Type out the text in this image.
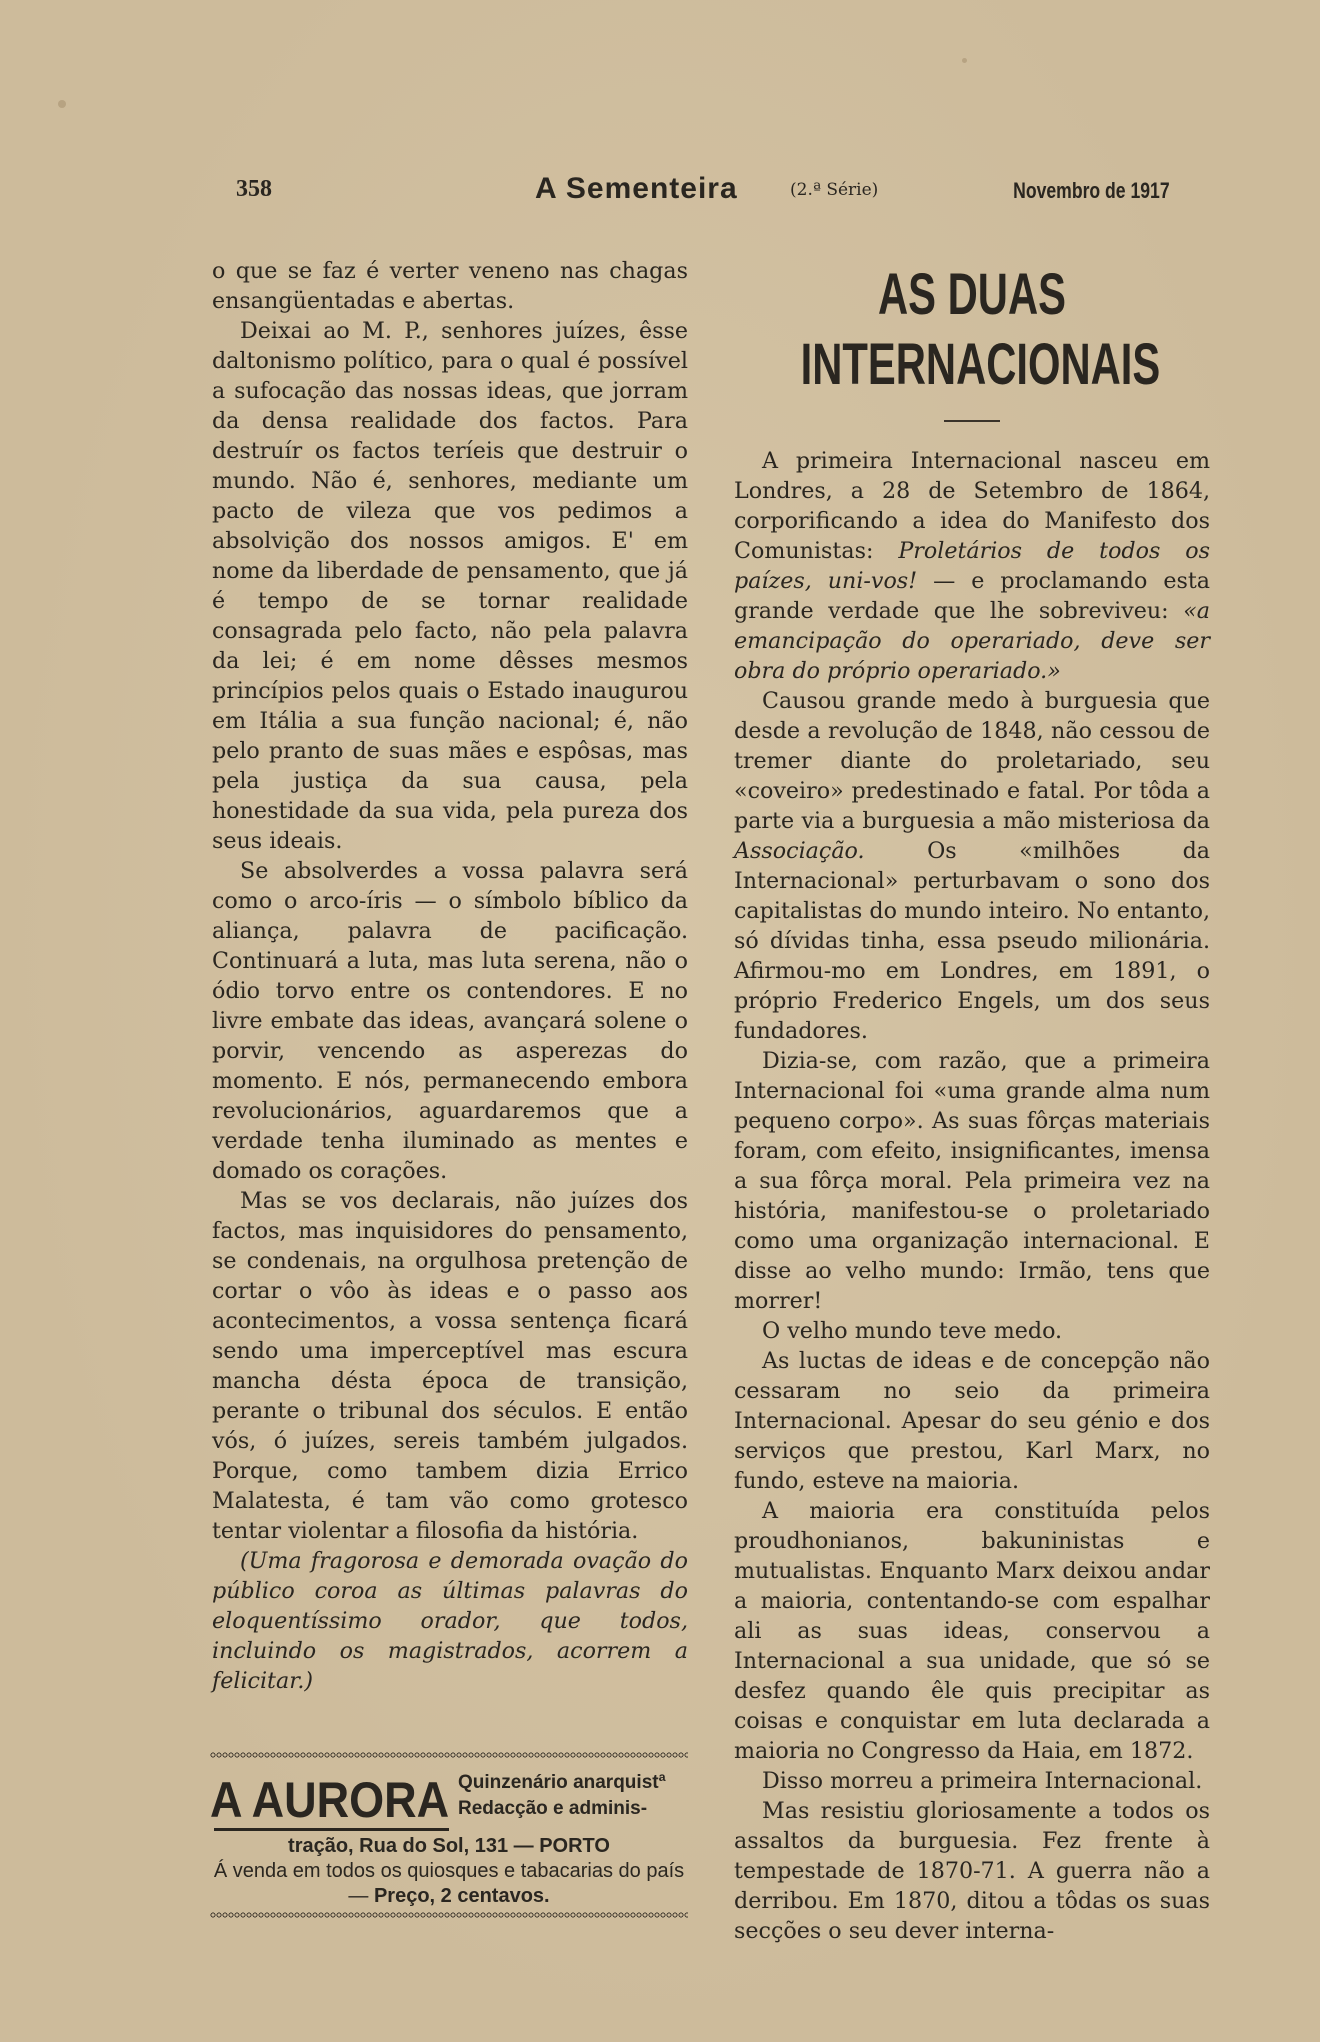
358	A Sementeira	(2.ª Série)	Novembro de 1917

o que se faz é verter veneno nas chagas ensangüentadas e abertas.

Deixai ao M. P., senhores juízes, êsse daltonismo político, para o qual é possível a sufocação das nossas ideas, que jorram da densa realidade dos factos. Para destruír os factos teríeis que destruir o mundo. Não é, senhores, mediante um pacto de vileza que vos pedimos a absolvição dos nossos amigos. E' em nome da liberdade de pensamento, que já é tempo de se tornar realidade consagrada pelo facto, não pela palavra da lei; é em nome dêsses mesmos princípios pelos quais o Estado inaugurou em Itália a sua função nacional; é, não pelo pranto de suas mães e espôsas, mas pela justiça da sua causa, pela honestidade da sua vida, pela pureza dos seus ideais.

Se absolverdes a vossa palavra será como o arco-íris — o símbolo bíblico da aliança, palavra de pacificação. Continuará a luta, mas luta serena, não o ódio torvo entre os contendores. E no livre embate das ideas, avançará solene o porvir, vencendo as asperezas do momento. E nós, permanecendo embora revolucionários, aguardaremos que a verdade tenha iluminado as mentes e domado os corações.

Mas se vos declarais, não juízes dos factos, mas inquisidores do pensamento, se condenais, na orgulhosa pretenção de cortar o vôo às ideas e o passo aos acontecimentos, a vossa sentença ficará sendo uma imperceptível mas escura mancha désta época de transição, perante o tribunal dos séculos. E então vós, ó juízes, sereis também julgados. Porque, como tambem dizia Errico Malatesta, é tam vão como grotesco tentar violentar a filosofia da história.

(Uma fragorosa e demorada ovação do público coroa as últimas palavras do eloquentíssimo orador, que todos, incluindo os magistrados, acorrem a felicitar.)

A AURORA Quinzenário anarquistª Redacção e adminis-
tração, Rua do Sol, 131 — PORTO
Á venda em todos os quiosques e tabacarias do país — Preço, 2 centavos.
AS DUAS INTERNACIONAIS

A primeira Internacional nasceu em Londres, a 28 de Setembro de 1864, corporificando a idea do Manifesto dos Comunistas: Proletários de todos os paízes, uni-vos! — e proclamando esta grande verdade que lhe sobreviveu: «a emancipação do operariado, deve ser obra do próprio operariado.»

Causou grande medo à burguesia que desde a revolução de 1848, não cessou de tremer diante do proletariado, seu «coveiro» predestinado e fatal. Por tôda a parte via a burguesia a mão misteriosa da Associação.	Os «milhões da Internacional» perturbavam o sono dos capitalistas do mundo inteiro. No entanto, só dívidas tinha, essa pseudo milionária. Afirmou-mo em Londres, em 1891, o próprio Frederico Engels, um dos seus fundadores.

Dizia-se, com razão, que a primeira Internacional foi «uma grande alma num pequeno corpo». As suas fôrças materiais foram, com efeito, insignificantes, imensa a sua fôrça moral. Pela primeira vez na história, manifestou-se o proletariado como uma organização internacional. E disse ao velho mundo: Irmão, tens que morrer!

O velho mundo teve medo.

As luctas de ideas e de concepção não cessaram no seio da primeira Internacional. Apesar do seu génio e dos serviços que prestou, Karl Marx, no fundo, esteve na maioria.

A maioria era constituída pelos proudhonianos, bakuninistas e mutualistas. Enquanto Marx deixou andar a maioria, contentando-se com espalhar ali as suas ideas, conservou a Internacional a sua unidade, que só se desfez quando êle quis precipitar as coisas e conquistar em luta declarada a maioria no Congresso da Haia, em 1872.

Disso morreu a primeira Internacional.

Mas resistiu gloriosamente a todos os assaltos da burguesia. Fez frente à tempestade de 1870-71. A guerra não a derribou. Em 1870, ditou a tôdas os suas secções o seu dever interna-
